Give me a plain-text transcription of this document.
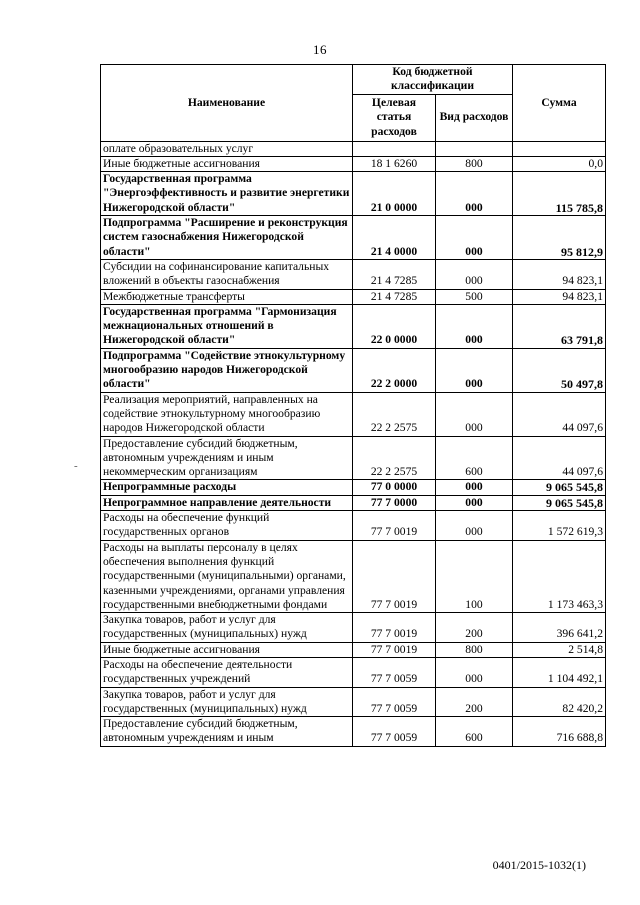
16
-
Наименование	Код бюджетной классификации		Сумма
	Целевая статья расходов	Вид расходов	
оплате образовательных услуг			
Иные бюджетные ассигнования	18 1 6260	800	0,0
Государственная программа "Энергоэффективность и развитие энергетики Нижегородской области"	21 0 0000	000	115 785,8
Подпрограмма "Расширение и реконструкция систем газоснабжения Нижегородской области"	21 4 0000	000	95 812,9
Субсидии на софинансирование капитальных вложений в объекты газоснабжения	21 4 7285	000	94 823,1
Межбюджетные трансферты	21 4 7285	500	94 823,1
Государственная программа "Гармонизация межнациональных отношений в Нижегородской области"	22 0 0000	000	63 791,8
Подпрограмма "Содействие этнокультурному многообразию народов Нижегородской области"	22 2 0000	000	50 497,8
Реализация мероприятий, направленных на содействие этнокультурному многообразию народов Нижегородской области	22 2 2575	000	44 097,6
Предоставление субсидий бюджетным, автономным учреждениям и иным некоммерческим организациям	22 2 2575	600	44 097,6
Непрограммные расходы	77 0 0000	000	9 065 545,8
Непрограммное направление деятельности	77 7 0000	000	9 065 545,8
Расходы на обеспечение функций государственных органов	77 7 0019	000	1 572 619,3
Расходы на выплаты персоналу в целях обеспечения выполнения функций государственными (муниципальными) органами, казенными учреждениями, органами управления государственными внебюджетными фондами	77 7 0019	100	1 173 463,3
Закупка товаров, работ и услуг для государственных (муниципальных) нужд	77 7 0019	200	396 641,2
Иные бюджетные ассигнования	77 7 0019	800	2 514,8
Расходы на обеспечение деятельности государственных учреждений	77 7 0059	000	1 104 492,1
Закупка товаров, работ и услуг для государственных (муниципальных) нужд	77 7 0059	200	82 420,2
Предоставление субсидий бюджетным, автономным учреждениям и иным	77 7 0059	600	716 688,8
0401/2015-1032(1)
